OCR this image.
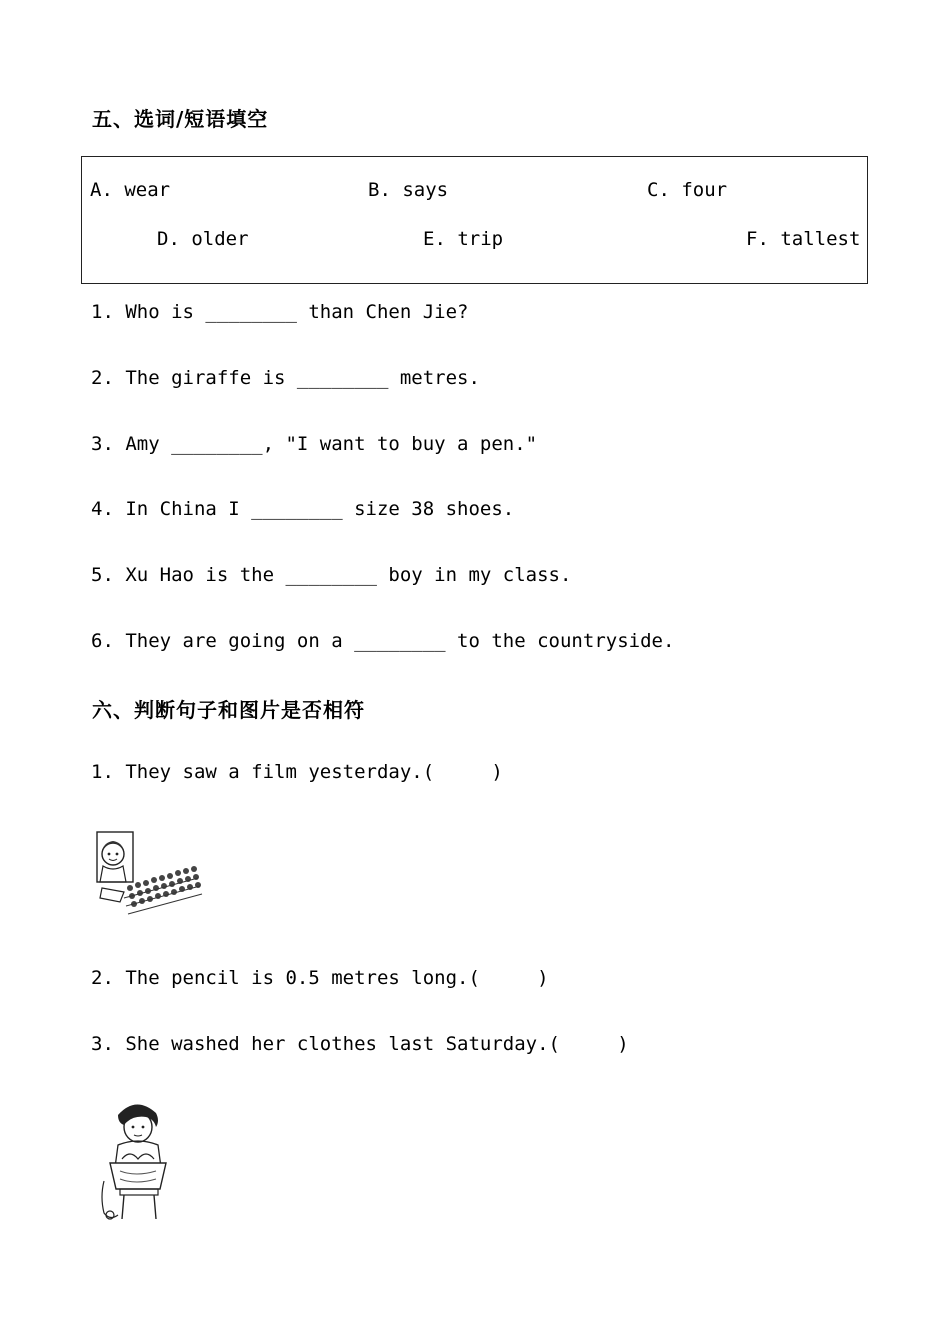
五、选词/短语填空
A. wear	B. says	C. four
D. older	E. trip	F. tallest
1. Who is ________ than Chen Jie?
2. The giraffe is ________ metres.
3. Amy ________, "I want to buy a pen."
4. In China I ________ size 38 shoes.
5. Xu Hao is the ________ boy in my class.
6. They are going on a ________ to the countryside.
六、判断句子和图片是否相符
1. They saw a film yesterday.(     )
2. The pencil is 0.5 metres long.(     )
3. She washed her clothes last Saturday.(     )
